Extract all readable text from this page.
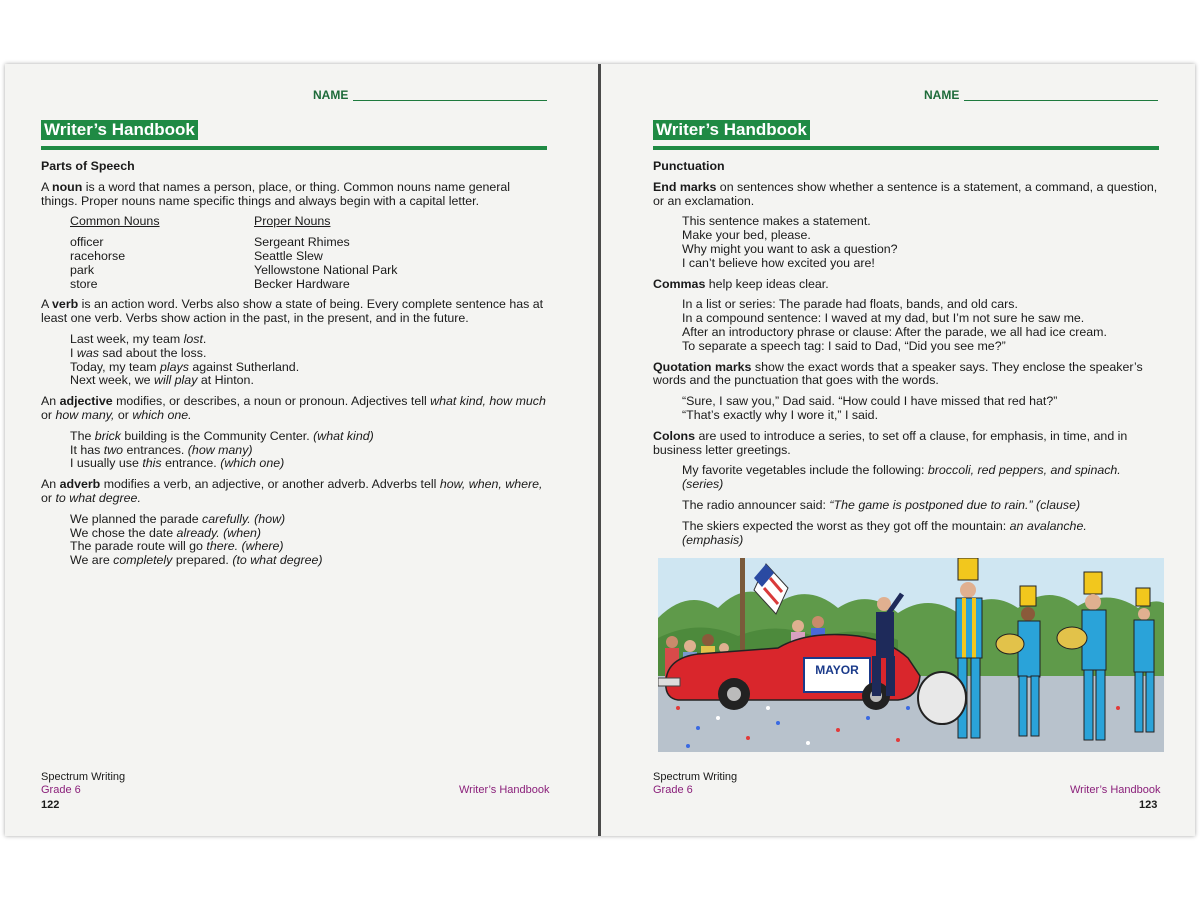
NAME
Writer’s Handbook

Parts of Speech

A noun is a word that names a person, place, or thing. Common nouns name general things. Proper nouns name specific things and always begin with a capital letter.

Common Nouns
officer
racehorse
park
store
Proper Nouns
Sergeant Rhimes
Seattle Slew
Yellowstone National Park
Becker Hardware

A verb is an action word. Verbs also show a state of being. Every complete sentence has at least one verb. Verbs show action in the past, in the present, and in the future.

Last week, my team lost.
I was sad about the loss.
Today, my team plays against Sutherland.
Next week, we will play at Hinton.

An adjective modifies, or describes, a noun or pronoun. Adjectives tell what kind, how much or how many, or which one.

The brick building is the Community Center. (what kind)
It has two entrances. (how many)
I usually use this entrance. (which one)

An adverb modifies a verb, an adjective, or another adverb. Adverbs tell how, when, where, or to what degree.

We planned the parade carefully. (how)
We chose the date already. (when)
The parade route will go there. (where)
We are completely prepared. (to what degree)
Spectrum Writing
Grade 6
122
Writer’s Handbook
NAME
Writer’s Handbook

Punctuation

End marks on sentences show whether a sentence is a statement, a command, a question, or an exclamation.

This sentence makes a statement.
Make your bed, please.
Why might you want to ask a question?
I can’t believe how excited you are!

Commas help keep ideas clear.

In a list or series: The parade had floats, bands, and old cars.
In a compound sentence: I waved at my dad, but I’m not sure he saw me.
After an introductory phrase or clause: After the parade, we all had ice cream.
To separate a speech tag: I said to Dad, “Did you see me?”

Quotation marks show the exact words that a speaker says. They enclose the speaker’s words and the punctuation that goes with the words.

“Sure, I saw you,” Dad said. “How could I have missed that red hat?”
“That’s exactly why I wore it,” I said.

Colons are used to introduce a series, to set off a clause, for emphasis, in time, and in business letter greetings.

My favorite vegetables include the following: broccoli, red peppers, and spinach.
(series)

The radio announcer said: “The game is postponed due to rain.” (clause)

The skiers expected the worst as they got off the mountain: an avalanche.
(emphasis)

MAYOR
Spectrum Writing
Grade 6	Writer’s Handbook
123
